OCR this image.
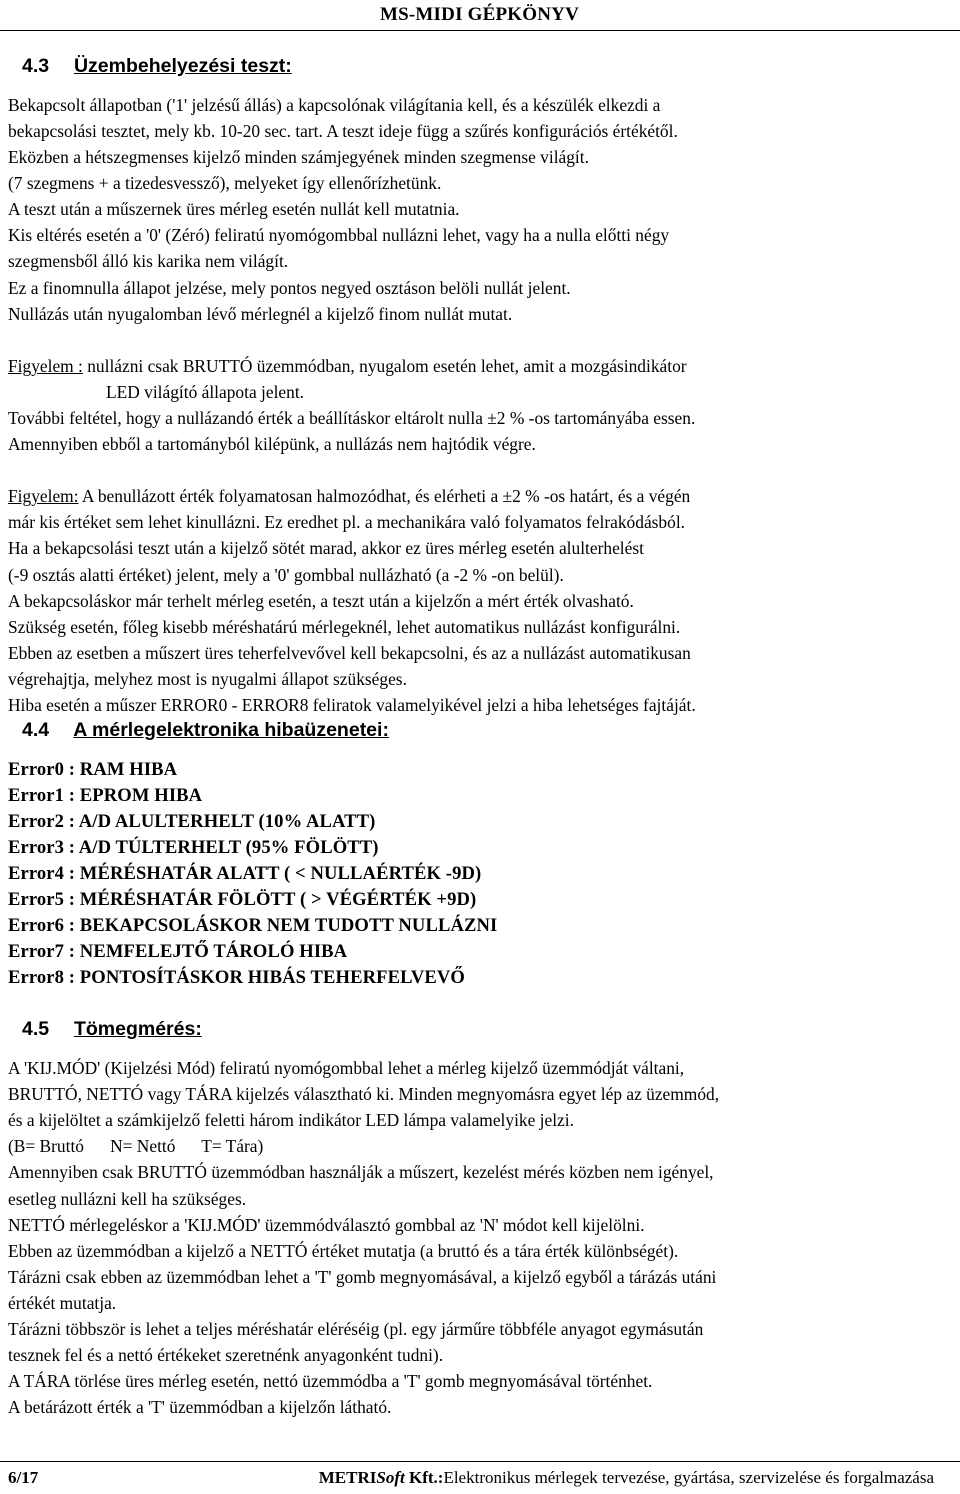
MS-MIDI GÉPKÖNYV
4.3 Üzembehelyezési teszt:
Bekapcsolt állapotban ('1' jelzésű állás) a kapcsolónak világítania kell, és a készülék elkezdi a
bekapcsolási tesztet, mely kb. 10-20 sec. tart. A teszt ideje függ a szűrés konfigurációs értékétől.
Eközben a hétszegmenses kijelző minden számjegyének minden szegmense világít.
(7 szegmens + a tizedesvessző), melyeket így ellenőrízhetünk.
A teszt után a műszernek üres mérleg esetén nullát kell mutatnia.
Kis eltérés esetén a '0' (Zéró) feliratú nyomógombbal nullázni lehet, vagy ha a nulla előtti négy
szegmensből álló kis karika nem világít.
Ez a finomnulla állapot jelzése, mely pontos negyed osztáson belöli nullát jelent.
Nullázás után nyugalomban lévő mérlegnél a kijelző finom nullát mutat.
Figyelem : nullázni csak BRUTTÓ üzemmódban, nyugalom esetén lehet, amit a mozgásindikátor
LED világító állapota jelent.
További feltétel, hogy a nullázandó érték a beállításkor eltárolt nulla ±2 % -os tartományába essen.
Amennyiben ebből a tartományból kilépünk, a nullázás nem hajtódik végre.
Figyelem: A benullázott érték folyamatosan halmozódhat, és elérheti a ±2 % -os határt, és a végén
már kis értéket sem lehet kinullázni. Ez eredhet pl. a mechanikára való folyamatos felrakódásból.
Ha a bekapcsolási teszt után a kijelző sötét marad, akkor ez üres mérleg esetén alulterhelést
(-9 osztás alatti értéket) jelent, mely a '0' gombbal nullázható (a -2 % -on belül).
A bekapcsoláskor már terhelt mérleg esetén, a teszt után a kijelzőn a mért érték olvasható.
Szükség esetén, főleg kisebb méréshatárú mérlegeknél, lehet automatikus nullázást konfigurálni.
Ebben az esetben a műszert üres teherfelvevővel kell bekapcsolni, és az a nullázást automatikusan
végrehajtja, melyhez most is nyugalmi állapot szükséges.
Hiba esetén a műszer ERROR0 - ERROR8 feliratok valamelyikével jelzi a hiba lehetséges fajtáját.
4.4 A mérlegelektronika hibaüzenetei:
Error0 : RAM HIBA
Error1 : EPROM HIBA
Error2 : A/D ALULTERHELT (10% ALATT)
Error3 : A/D TÚLTERHELT (95% FÖLÖTT)
Error4 : MÉRÉSHATÁR ALATT ( < NULLAÉRTÉK -9D)
Error5 : MÉRÉSHATÁR FÖLÖTT ( > VÉGÉRTÉK +9D)
Error6 : BEKAPCSOLÁSKOR NEM TUDOTT NULLÁZNI
Error7 : NEMFELEJTŐ TÁROLÓ HIBA
Error8 : PONTOSÍTÁSKOR HIBÁS TEHERFELVEVŐ
4.5 Tömegmérés:
A 'KIJ.MÓD' (Kijelzési Mód) feliratú nyomógombbal lehet a mérleg kijelző üzemmódját váltani,
BRUTTÓ, NETTÓ vagy TÁRA kijelzés választható ki. Minden megnyomásra egyet lép az üzemmód,
és a kijelöltet a számkijelző feletti három indikátor LED lámpa valamelyike jelzi.
(B= Bruttó      N= Nettó      T= Tára)
Amennyiben csak BRUTTÓ üzemmódban használják a műszert, kezelést mérés közben nem igényel,
esetleg nullázni kell ha szükséges.
NETTÓ mérlegeléskor a 'KIJ.MÓD' üzemmódválasztó gombbal az 'N' módot kell kijelölni.
Ebben az üzemmódban a kijelző a NETTÓ értéket mutatja (a bruttó és a tára érték különbségét).
Tárázni csak ebben az üzemmódban lehet a 'T' gomb megnyomásával, a kijelző egyből a tárázás utáni
értékét mutatja.
Tárázni többször is lehet a teljes méréshatár eléréséig (pl. egy járműre többféle anyagot egymásután
tesznek fel és a nettó értékeket szeretnénk anyagonként tudni).
A TÁRA törlése üres mérleg esetén, nettó üzemmódba a 'T' gomb megnyomásával történhet.
A betárázott érték a 'T' üzemmódban a kijelzőn látható.
6/17	METRISoft Kft.:Elektronikus mérlegek tervezése, gyártása, szervizelése és forgalmazása
